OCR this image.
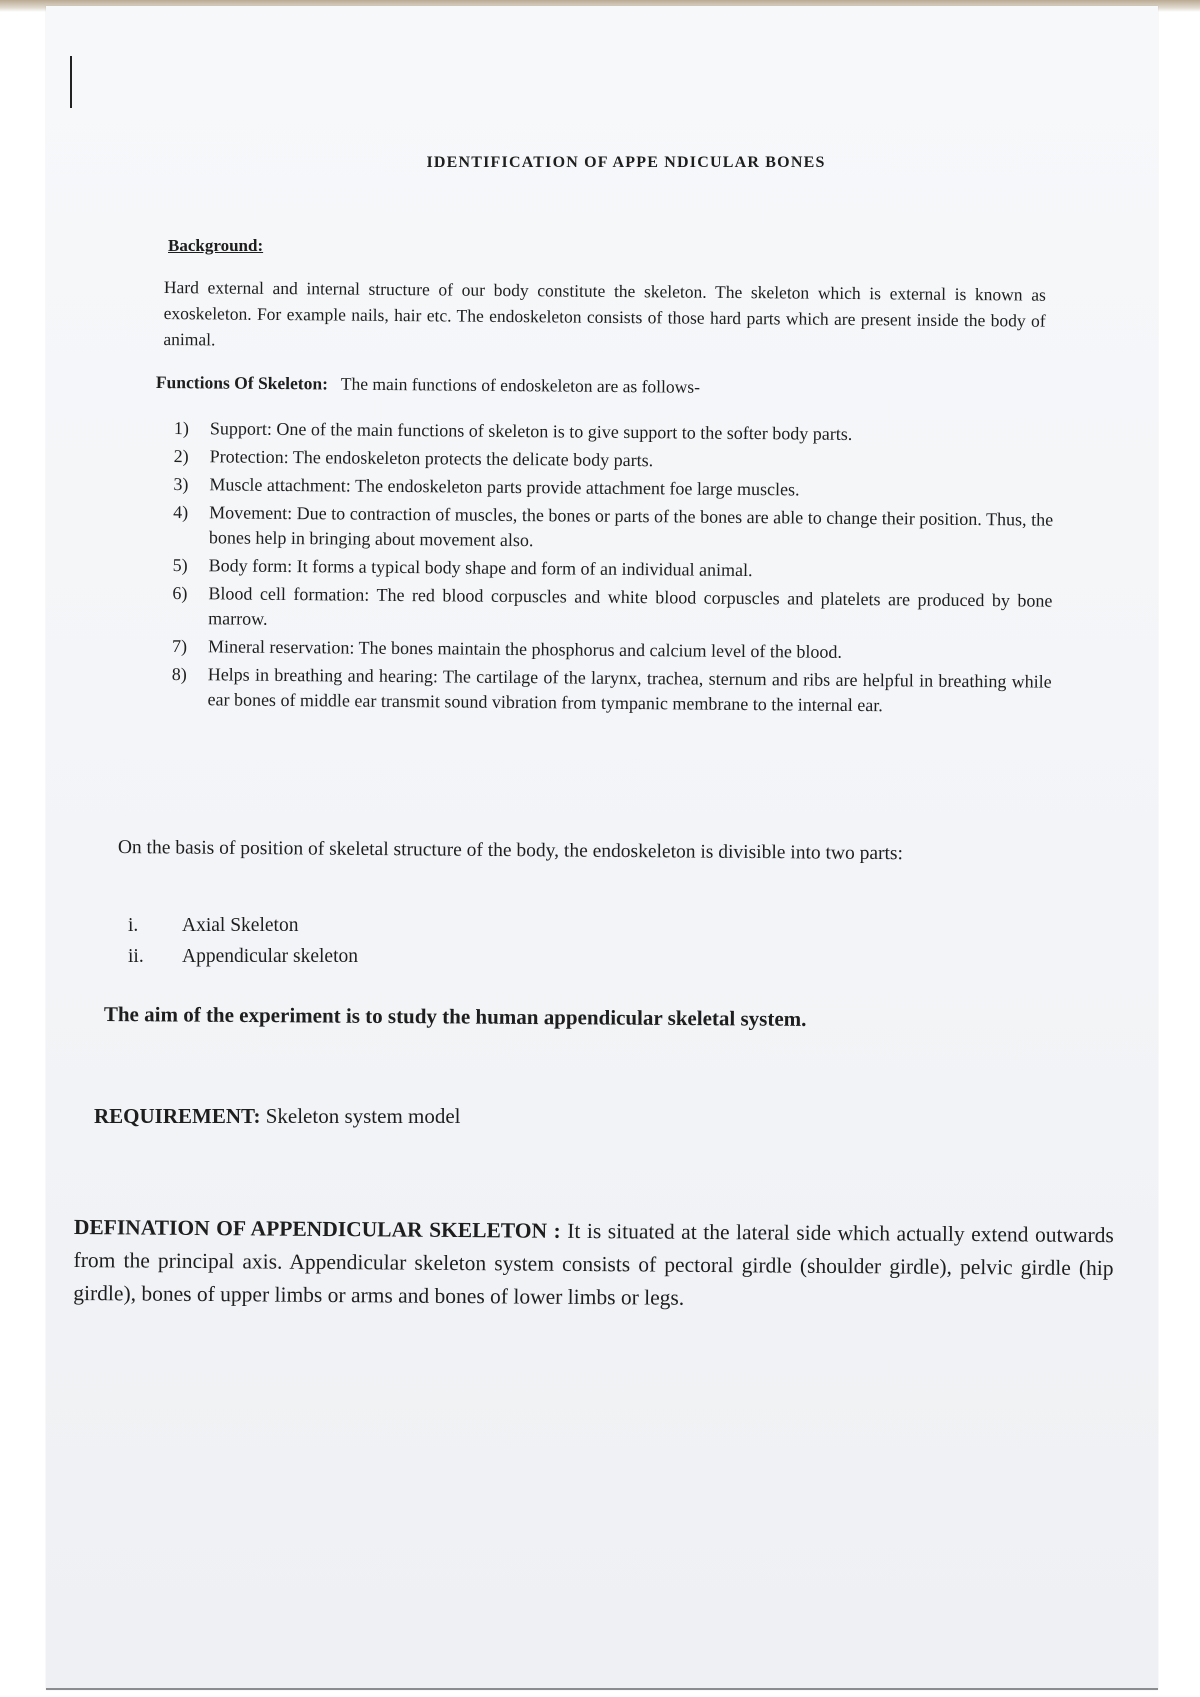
IDENTIFICATION OF APPE NDICULAR BONES
Background:
Hard external and internal structure of our body constitute the skeleton. The skeleton which is external is known as exoskeleton. For example nails, hair etc. The endoskeleton consists of those hard parts which are present inside the body of animal.
Functions Of Skeleton: The main functions of endoskeleton are as follows-
1)	Support: One of the main functions of skeleton is to give support to the softer body parts.
2)	Protection: The endoskeleton protects the delicate body parts.
3)	Muscle attachment: The endoskeleton parts provide attachment foe large muscles.
4)	Movement: Due to contraction of muscles, the bones or parts of the bones are able to change their position. Thus, the bones help in bringing about movement also.
5)	Body form: It forms a typical body shape and form of an individual animal.
6)	Blood cell formation: The red blood corpuscles and white blood corpuscles and platelets are produced by bone marrow.
7)	Mineral reservation: The bones maintain the phosphorus and calcium level of the blood.
8)	Helps in breathing and hearing: The cartilage of the larynx, trachea, sternum and ribs are helpful in breathing while ear bones of middle ear transmit sound vibration from tympanic membrane to the internal ear.
On the basis of position of skeletal structure of the body, the endoskeleton is divisible into two parts:
i.	Axial Skeleton
ii.	Appendicular skeleton
The aim of the experiment is to study the human appendicular skeletal system.
REQUIREMENT: Skeleton system model
DEFINATION OF APPENDICULAR SKELETON : It is situated at the lateral side which actually extend outwards from the principal axis. Appendicular skeleton system consists of pectoral girdle (shoulder girdle), pelvic girdle (hip girdle), bones of upper limbs or arms and bones of lower limbs or legs.
